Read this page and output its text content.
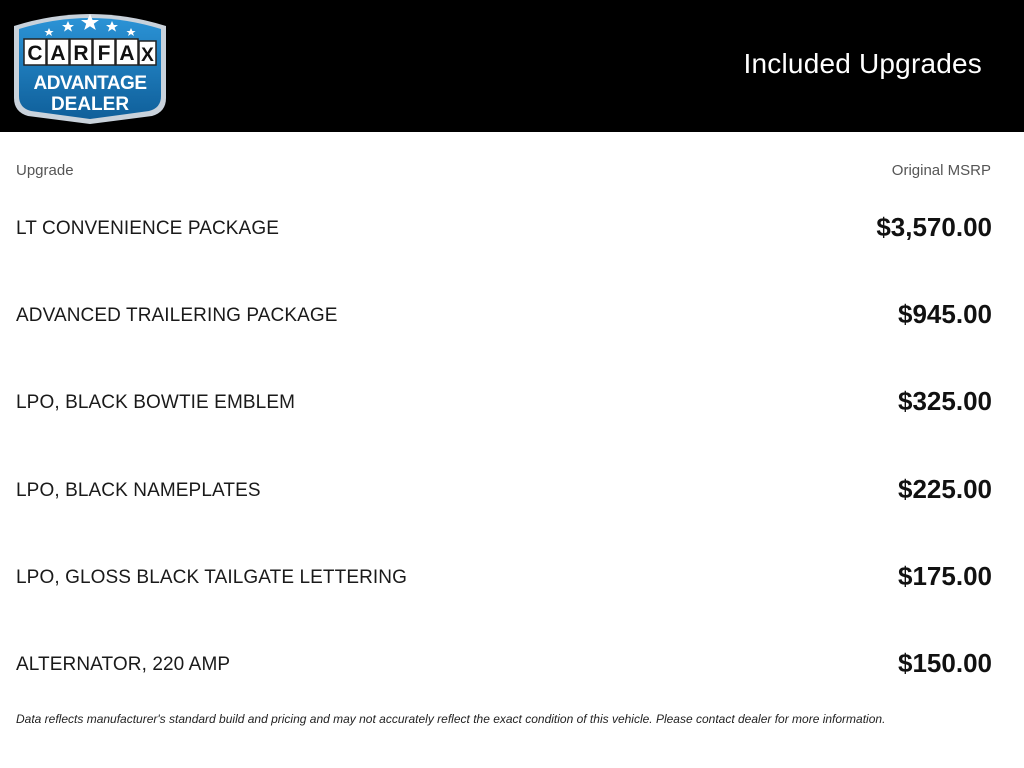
C A R F A X
ADVANTAGE
DEALER
Included Upgrades
Upgrade	Original MSRP
LT CONVENIENCE PACKAGE	$3,570.00
ADVANCED TRAILERING PACKAGE	$945.00
LPO, BLACK BOWTIE EMBLEM	$325.00
LPO, BLACK NAMEPLATES	$225.00
LPO, GLOSS BLACK TAILGATE LETTERING	$175.00
ALTERNATOR, 220 AMP	$150.00
Data reflects manufacturer's standard build and pricing and may not accurately reflect the exact condition of this vehicle. Please contact dealer for more information.
